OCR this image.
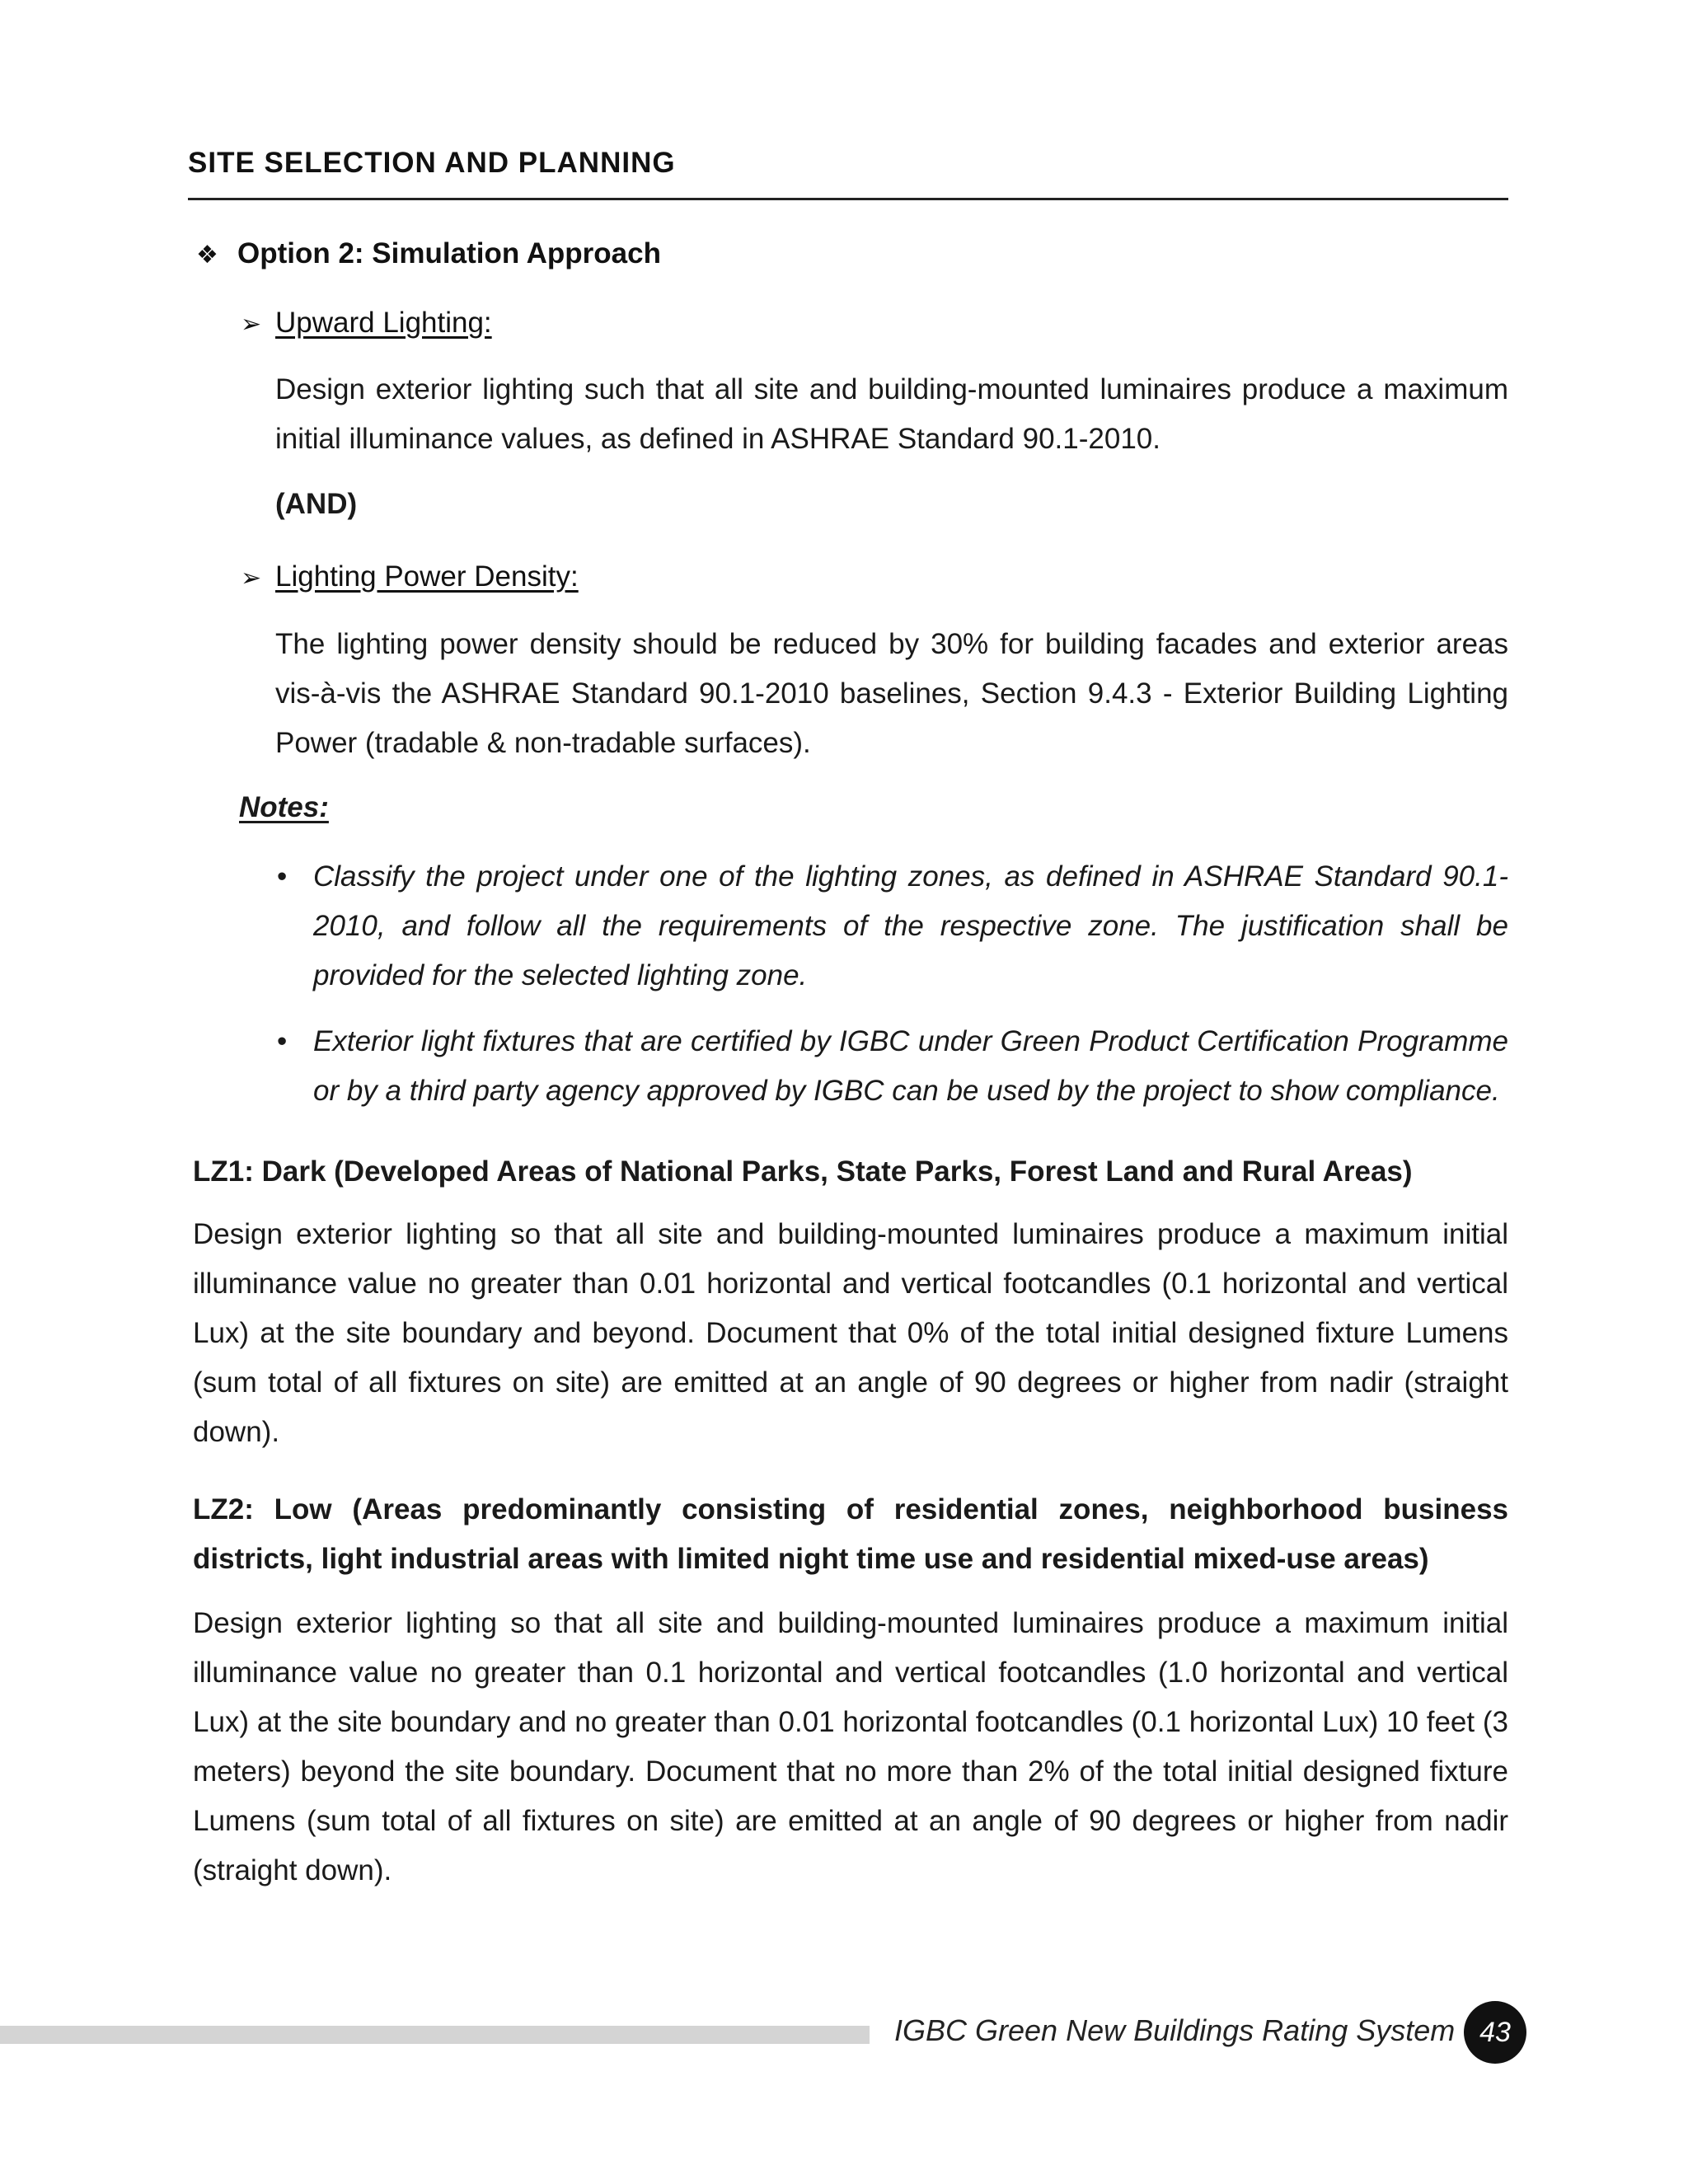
SITE SELECTION AND PLANNING
❖ Option 2: Simulation Approach
➢ Upward Lighting:
Design exterior lighting such that all site and building-mounted luminaires produce a maximum initial illuminance values, as defined in ASHRAE Standard 90.1-2010.
(AND)
➢ Lighting Power Density:
The lighting power density should be reduced by 30% for building facades and exterior areas vis-à-vis the ASHRAE Standard 90.1-2010 baselines, Section 9.4.3 - Exterior Building Lighting Power (tradable & non-tradable surfaces).
Notes:
• Classify the project under one of the lighting zones, as defined in ASHRAE Standard 90.1-2010, and follow all the requirements of the respective zone. The justification shall be provided for the selected lighting zone.
• Exterior light fixtures that are certified by IGBC under Green Product Certification Programme or by a third party agency approved by IGBC can be used by the project to show compliance.
LZ1: Dark (Developed Areas of National Parks, State Parks, Forest Land and Rural Areas)
Design exterior lighting so that all site and building-mounted luminaires produce a maximum initial illuminance value no greater than 0.01 horizontal and vertical footcandles (0.1 horizontal and vertical Lux) at the site boundary and beyond. Document that 0% of the total initial designed fixture Lumens (sum total of all fixtures on site) are emitted at an angle of 90 degrees or higher from nadir (straight down).
LZ2: Low (Areas predominantly consisting of residential zones, neighborhood business districts, light industrial areas with limited night time use and residential mixed-use areas)
Design exterior lighting so that all site and building-mounted luminaires produce a maximum initial illuminance value no greater than 0.1 horizontal and vertical footcandles (1.0 horizontal and vertical Lux) at the site boundary and no greater than 0.01 horizontal footcandles (0.1 horizontal Lux) 10 feet (3 meters) beyond the site boundary. Document that no more than 2% of the total initial designed fixture Lumens (sum total of all fixtures on site) are emitted at an angle of 90 degrees or higher from nadir (straight down).
IGBC Green New Buildings Rating System 43
